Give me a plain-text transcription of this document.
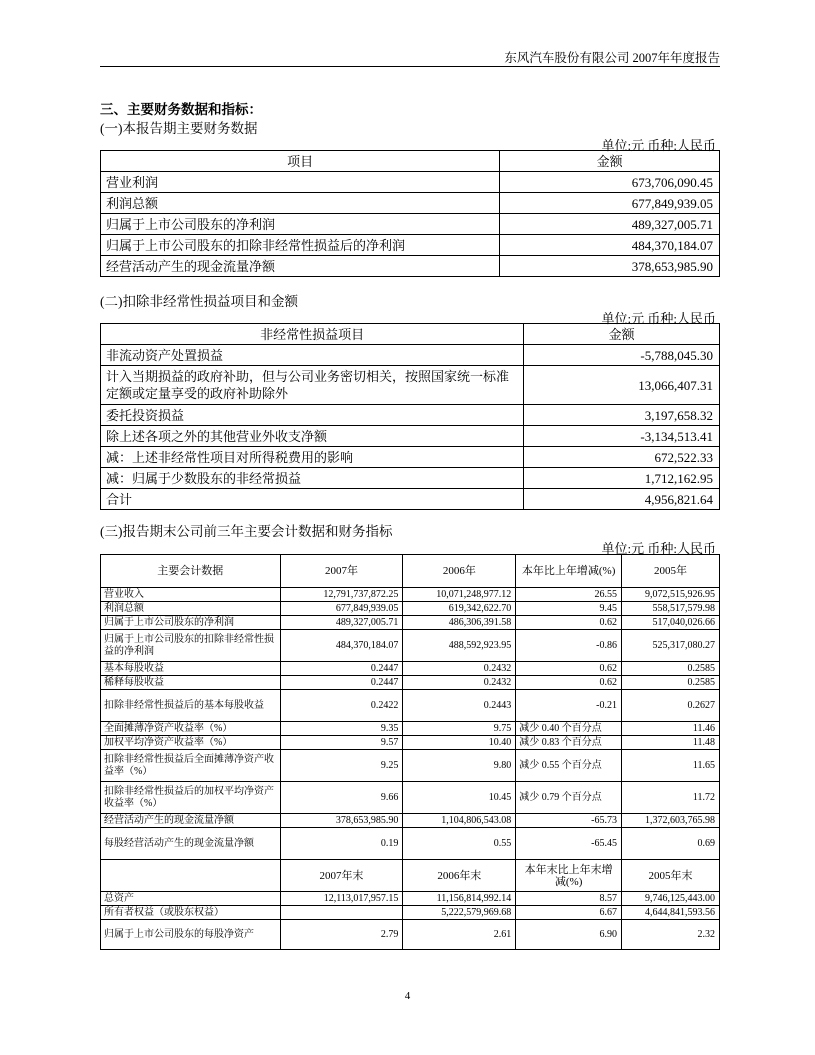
东风汽车股份有限公司 2007年年度报告
三、主要财务数据和指标：
(一)本报告期主要财务数据
单位:元 币种:人民币
项目	金额
营业利润	673,706,090.45
利润总额	677,849,939.05
归属于上市公司股东的净利润	489,327,005.71
归属于上市公司股东的扣除非经常性损益后的净利润	484,370,184.07
经营活动产生的现金流量净额	378,653,985.90
(二)扣除非经常性损益项目和金额
单位:元 币种:人民币
非经常性损益项目	金额
非流动资产处置损益	-5,788,045.30
计入当期损益的政府补助，但与公司业务密切相关，按照国家统一标准定额或定量享受的政府补助除外	13,066,407.31
委托投资损益	3,197,658.32
除上述各项之外的其他营业外收支净额	-3,134,513.41
减：上述非经常性项目对所得税费用的影响	672,522.33
减：归属于少数股东的非经常损益	1,712,162.95
合计	4,956,821.64
(三)报告期末公司前三年主要会计数据和财务指标
单位:元 币种:人民币
主要会计数据	2007年	2006年	本年比上年增减(%)	2005年
营业收入	12,791,737,872.25	10,071,248,977.12	26.55	9,072,515,926.95
利润总额	677,849,939.05	619,342,622.70	9.45	558,517,579.98
归属于上市公司股东的净利润	489,327,005.71	486,306,391.58	0.62	517,040,026.66
归属于上市公司股东的扣除非经常性损益的净利润	484,370,184.07	488,592,923.95	-0.86	525,317,080.27
基本每股收益	0.2447	0.2432	0.62	0.2585
稀释每股收益	0.2447	0.2432	0.62	0.2585
扣除非经常性损益后的基本每股收益	0.2422	0.2443	-0.21	0.2627
全面摊薄净资产收益率（%）	9.35	9.75	减少 0.40 个百分点	11.46
加权平均净资产收益率（%）	9.57	10.40	减少 0.83 个百分点	11.48
扣除非经常性损益后全面摊薄净资产收益率（%）	9.25	9.80	减少 0.55 个百分点	11.65
扣除非经常性损益后的加权平均净资产收益率（%）	9.66	10.45	减少 0.79 个百分点	11.72
经营活动产生的现金流量净额	378,653,985.90	1,104,806,543.08	-65.73	1,372,603,765.98
每股经营活动产生的现金流量净额	0.19	0.55	-65.45	0.69
	2007年末	2006年末	本年末比上年末增减(%)	2005年末
总资产	12,113,017,957.15	11,156,814,992.14	8.57	9,746,125,443.00
所有者权益（或股东权益）		5,222,579,969.68	6.67	4,644,841,593.56
归属于上市公司股东的每股净资产	2.79	2.61	6.90	2.32
4
